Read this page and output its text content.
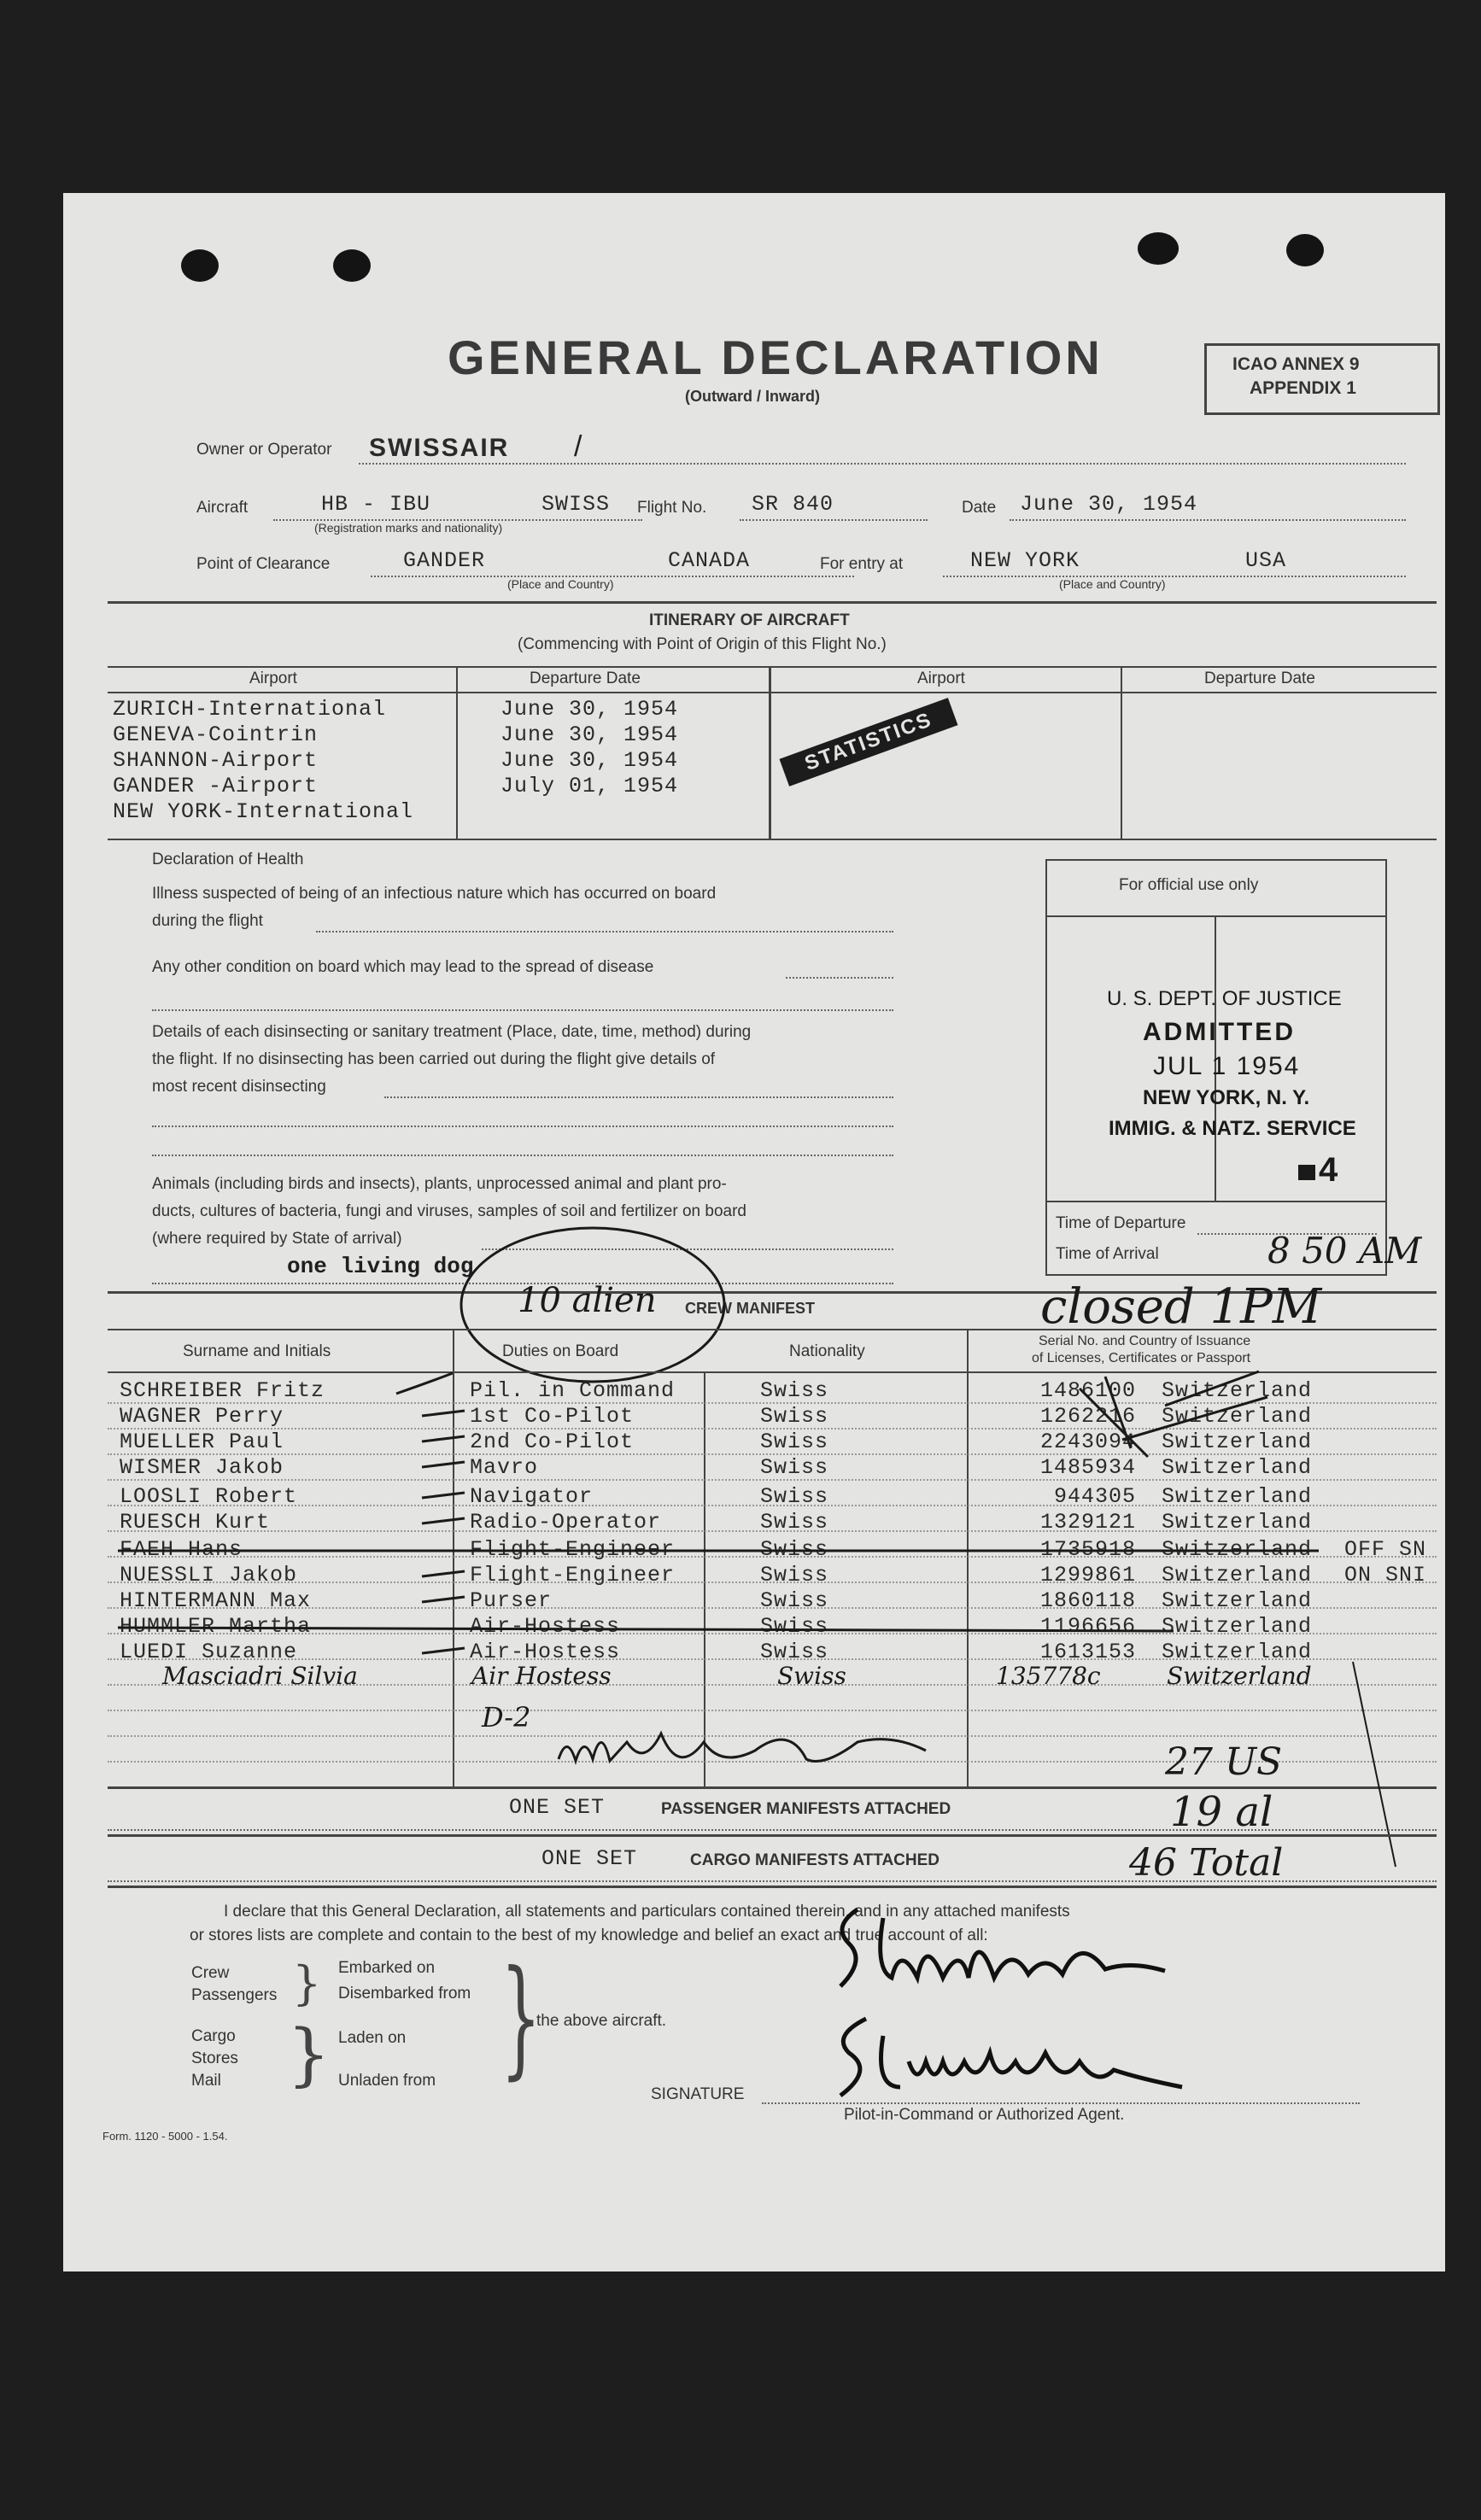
GENERAL DECLARATION
(Outward / Inward)
ICAO ANNEX 9
APPENDIX 1
Owner or Operator SWISSAIR /
Aircraft	HB - IBU	SWISS
(Registration marks and nationality)
Flight No. SR 840	Date June 30, 1954
Point of Clearance	GANDER	CANADA
(Place and Country)
For entry at	NEW YORK	USA
(Place and Country)
ITINERARY OF AIRCRAFT
(Commencing with Point of Origin of this Flight No.)
Airport	Departure Date	Airport	Departure Date
ZURICH-International	June 30, 1954
GENEVA-Cointrin	June 30, 1954
SHANNON-Airport	June 30, 1954
GANDER -Airport	July 01, 1954
NEW YORK-International
STATISTICS
Declaration of Health
Illness suspected of being of an infectious nature which has occurred on board
during the flight
Any other condition on board which may lead to the spread of disease
Details of each disinsecting or sanitary treatment (Place, date, time, method) during
the flight. If no disinsecting has been carried out during the flight give details of
most recent disinsecting
Animals (including birds and insects), plants, unprocessed animal and plant pro-
ducts, cultures of bacteria, fungi and viruses, samples of soil and fertilizer on board
(where required by State of arrival)
one living dog
For official use only
U. S. DEPT. OF JUSTICE
ADMITTED
JUL 1 1954
NEW YORK, N. Y.
IMMIG. & NATZ. SERVICE
4
Time of Departure
Time of Arrival	8 50 AM
CREW MANIFEST
10 alien
Surname and Initials	Duties on Board	Nationality
Serial No. and Country of Issuance
of Licenses, Certificates or Passport
closed 1PM
SCHREIBER Fritz	Pil. in Command	Swiss	1486100 Switzerland
WAGNER Perry	1st Co-Pilot	Swiss	1262216 Switzerland
MUELLER Paul	2nd Co-Pilot	Swiss	2243094 Switzerland
WISMER Jakob	Mavro	Swiss	1485934 Switzerland
LOOSLI Robert	Navigator	Swiss	944305 Switzerland
RUESCH Kurt	Radio-Operator	Swiss	1329121 Switzerland
FAEH Hans	Flight-Engineer	Swiss	1735918 Switzerland OFF SN
NUESSLI Jakob	Flight-Engineer	Swiss	1299861 Switzerland ON SNI
HINTERMANN Max	Purser	Swiss	1860118 Switzerland
HUMMLER Martha	Air-Hostess	Swiss	1196656 Switzerland
LUEDI Suzanne	Air-Hostess	Swiss	1613153 Switzerland
Masciadri Silvia	Air Hostess	Swiss	135778c	Switzerland
D-2
ONE SET	PASSENGER MANIFESTS ATTACHED
ONE SET	CARGO MANIFESTS ATTACHED
27 US
19 al
46 Total
I declare that this General Declaration, all statements and particulars contained therein, and in any attached manifests
or stores lists are complete and contain to the best of my knowledge and belief an exact and true account of all:
Crew
Passengers } Embarked on
Disembarked from
Cargo
Stores
Mail } Laden on
Unladen from }
the above aircraft.
SIGNATURE
Pilot-in-Command or Authorized Agent.
Form. 1120 - 5000 - 1.54.
